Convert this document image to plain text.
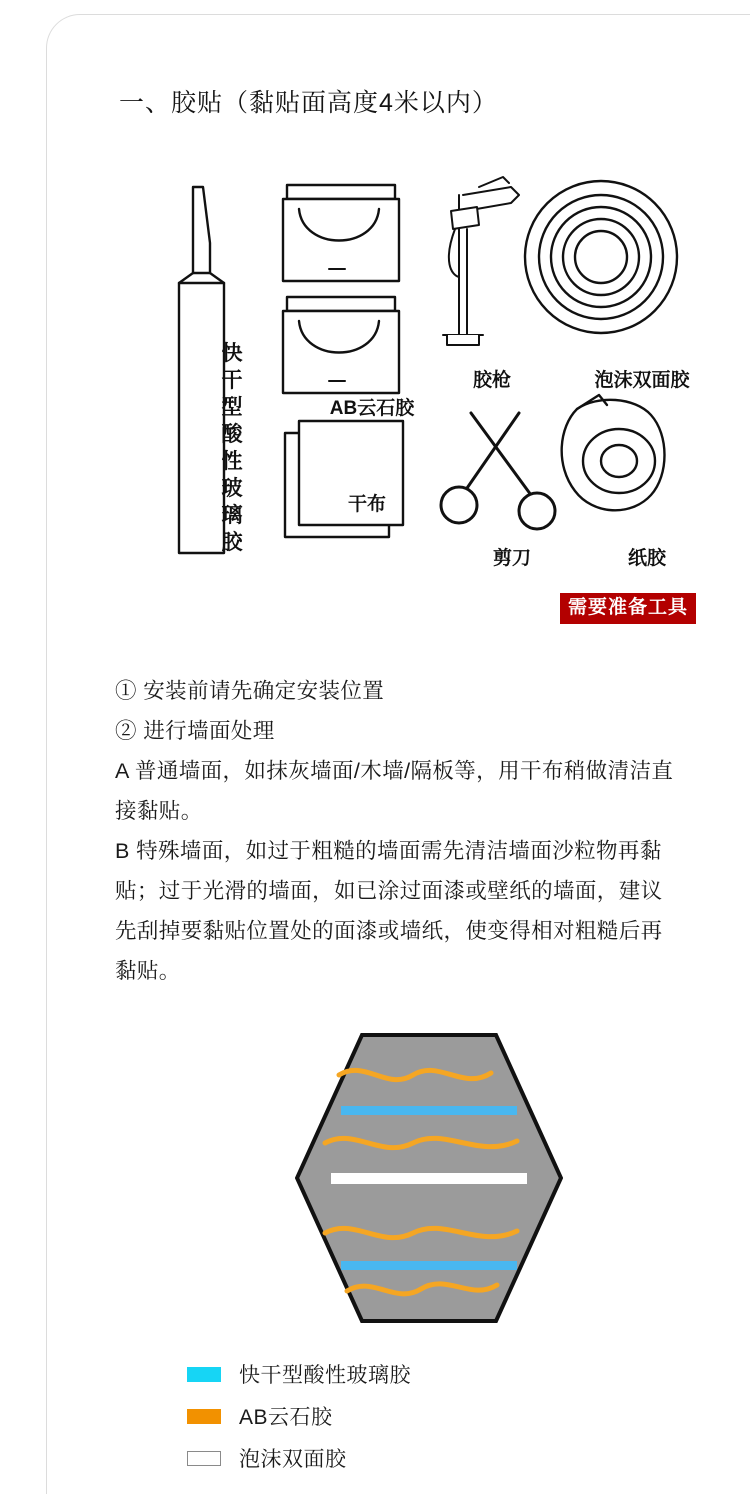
一、胶贴（黏贴面高度4米以内）
快干型酸性玻璃胶
AB云石胶
干布
胶枪	泡沫双面胶
剪刀	纸胶
需要准备工具

① 安装前请先确定安装位置

② 进行墙面处理

A 普通墙面，如抹灰墙面/木墙/隔板等，用干布稍做清洁直接黏贴。

B 特殊墙面，如过于粗糙的墙面需先清洁墙面沙粒物再黏贴；过于光滑的墙面，如已涂过面漆或壁纸的墙面，建议先刮掉要黏贴位置处的面漆或墙纸，使变得相对粗糙后再黏贴。

快干型酸性玻璃胶
AB云石胶
泡沫双面胶
